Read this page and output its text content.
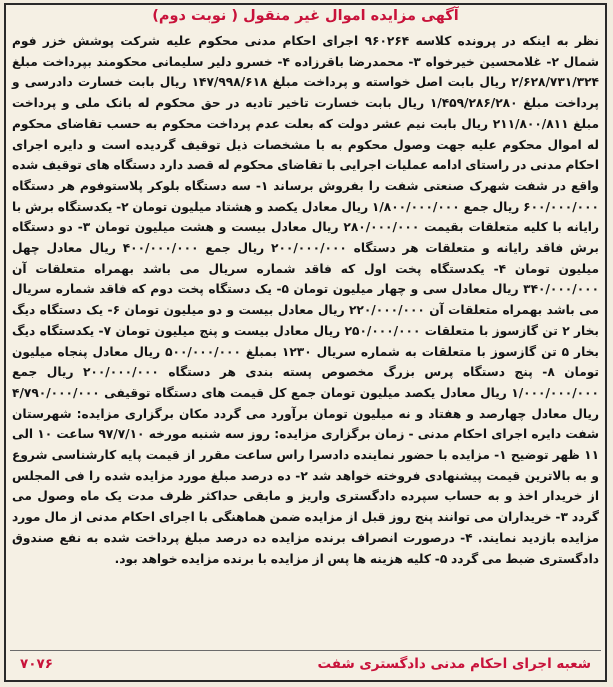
آگهی مزایده اموال غیر منقول ( نوبت دوم)

نظر به اینکه در پرونده کلاسه ۹۶۰۲۶۴ اجرای احکام مدنی محکوم علیه شرکت پوشش خزر فوم شمال ۲- غلامحسین خیرخواه ۳- محمدرضا باقرزاده ۴- خسرو دلیر سلیمانی محکومند بپرداخت مبلغ ۲/۶۲۸/۷۳۱/۳۲۴ ریال بابت اصل خواسته و پرداخت مبلغ ۱۴۷/۹۹۸/۶۱۸ ریال بابت خسارت دادرسی و پرداخت مبلغ ۱/۴۵۹/۲۸۶/۲۸۰ ریال بابت خسارت تاخیر تادیه در حق محکوم له بانک ملی و پرداخت مبلغ ۲۱۱/۸۰۰/۸۱۱ ریال بابت نیم عشر دولت که بعلت عدم پرداخت محکوم به حسب تقاضای محکوم له اموال محکوم علیه جهت وصول محکوم به با مشخصات ذیل توقیف گردیده است و دایره اجرای احکام مدنی در راستای ادامه عملیات اجرایی با تقاضای محکوم له قصد دارد دستگاه های توقیف شده واقع در شفت شهرک صنعتی شفت را بفروش برساند ۱- سه دستگاه بلوکر پلاستوفوم هر دستگاه ۶۰۰/۰۰۰/۰۰۰ ریال جمع ۱/۸۰۰/۰۰۰/۰۰۰ ریال معادل یکصد و هشتاد میلیون تومان ۲- یکدستگاه برش با رایانه با کلیه متعلقات بقیمت ۲۸۰/۰۰۰/۰۰۰ ریال معادل بیست و هشت میلیون تومان ۳- دو دستگاه برش فاقد رایانه و متعلقات هر دستگاه ۲۰۰/۰۰۰/۰۰۰ ریال جمع ۴۰۰/۰۰۰/۰۰۰ ریال معادل چهل میلیون تومان ۴- یکدستگاه پخت اول که فاقد شماره سریال می باشد بهمراه متعلقات آن ۳۴۰/۰۰۰/۰۰۰ ریال معادل سی و چهار میلیون تومان ۵- یک دستگاه پخت دوم که فاقد شماره سریال می باشد بهمراه متعلقات آن ۲۲۰/۰۰۰/۰۰۰ ریال معادل بیست و دو میلیون تومان ۶- یک دستگاه دیگ بخار ۲ تن گازسوز با متعلقات ۲۵۰/۰۰۰/۰۰۰ ریال معادل بیست و پنج میلیون تومان ۷- یکدستگاه دیگ بخار ۵ تن گازسوز با متعلقات به شماره سریال ۱۲۳۰ بمبلغ ۵۰۰/۰۰۰/۰۰۰ ریال معادل پنجاه میلیون تومان ۸- پنج دستگاه پرس بزرگ مخصوص پسته بندی هر دستگاه ۲۰۰/۰۰۰/۰۰۰ ریال جمع ۱/۰۰۰/۰۰۰/۰۰۰ ریال معادل یکصد میلیون تومان جمع کل قیمت های دستگاه توقیفی ۴/۷۹۰/۰۰۰/۰۰۰ ریال معادل چهارصد و هفتاد و نه میلیون تومان برآورد می گردد مکان برگزاری مزایده: شهرستان شفت دایره اجرای احکام مدنی - زمان برگزاری مزایده: روز سه شنبه مورخه ۹۷/۷/۱۰ ساعت ۱۰ الی ۱۱ ظهر توضیح ۱- مزایده با حضور نماینده دادسرا راس ساعت مقرر از قیمت پایه کارشناسی شروع و به بالاترین قیمت پیشنهادی فروخته خواهد شد ۲- ده درصد مبلغ مورد مزایده شده را فی المجلس از خریدار اخذ و به حساب سپرده دادگستری واریز و مابقی حداکثر ظرف مدت یک ماه وصول می گردد ۳- خریداران می توانند پنج روز قبل از مزایده ضمن هماهنگی با اجرای احکام مدنی از مال مورد مزایده بازدید نمایند. ۴- درصورت انصراف برنده مزایده ده درصد مبلغ پرداخت شده به نفع صندوق دادگستری ضبط می گردد ۵- کلیه هزینه ها پس از مزایده با برنده مزایده خواهد بود.

شعبه اجرای احکام مدنی دادگستری شفت
۷۰۷۶
